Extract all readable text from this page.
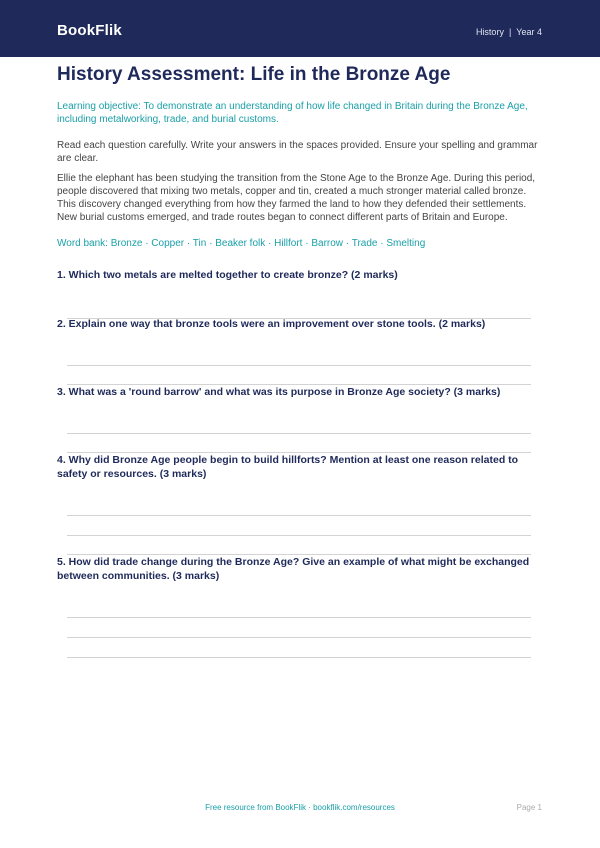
BookFlik	History | Year 4
History Assessment: Life in the Bronze Age
Learning objective: To demonstrate an understanding of how life changed in Britain during the Bronze Age, including metalworking, trade, and burial customs.
Read each question carefully. Write your answers in the spaces provided. Ensure your spelling and grammar are clear.
Ellie the elephant has been studying the transition from the Stone Age to the Bronze Age. During this period, people discovered that mixing two metals, copper and tin, created a much stronger material called bronze. This discovery changed everything from how they farmed the land to how they defended their settlements. New burial customs emerged, and trade routes began to connect different parts of Britain and Europe.
Word bank: Bronze · Copper · Tin · Beaker folk · Hillfort · Barrow · Trade · Smelting
1. Which two metals are melted together to create bronze? (2 marks)
2. Explain one way that bronze tools were an improvement over stone tools. (2 marks)
3. What was a 'round barrow' and what was its purpose in Bronze Age society? (3 marks)
4. Why did Bronze Age people begin to build hillforts? Mention at least one reason related to safety or resources. (3 marks)
5. How did trade change during the Bronze Age? Give an example of what might be exchanged between communities. (3 marks)
Free resource from BookFlik · bookflik.com/resources	Page 1
